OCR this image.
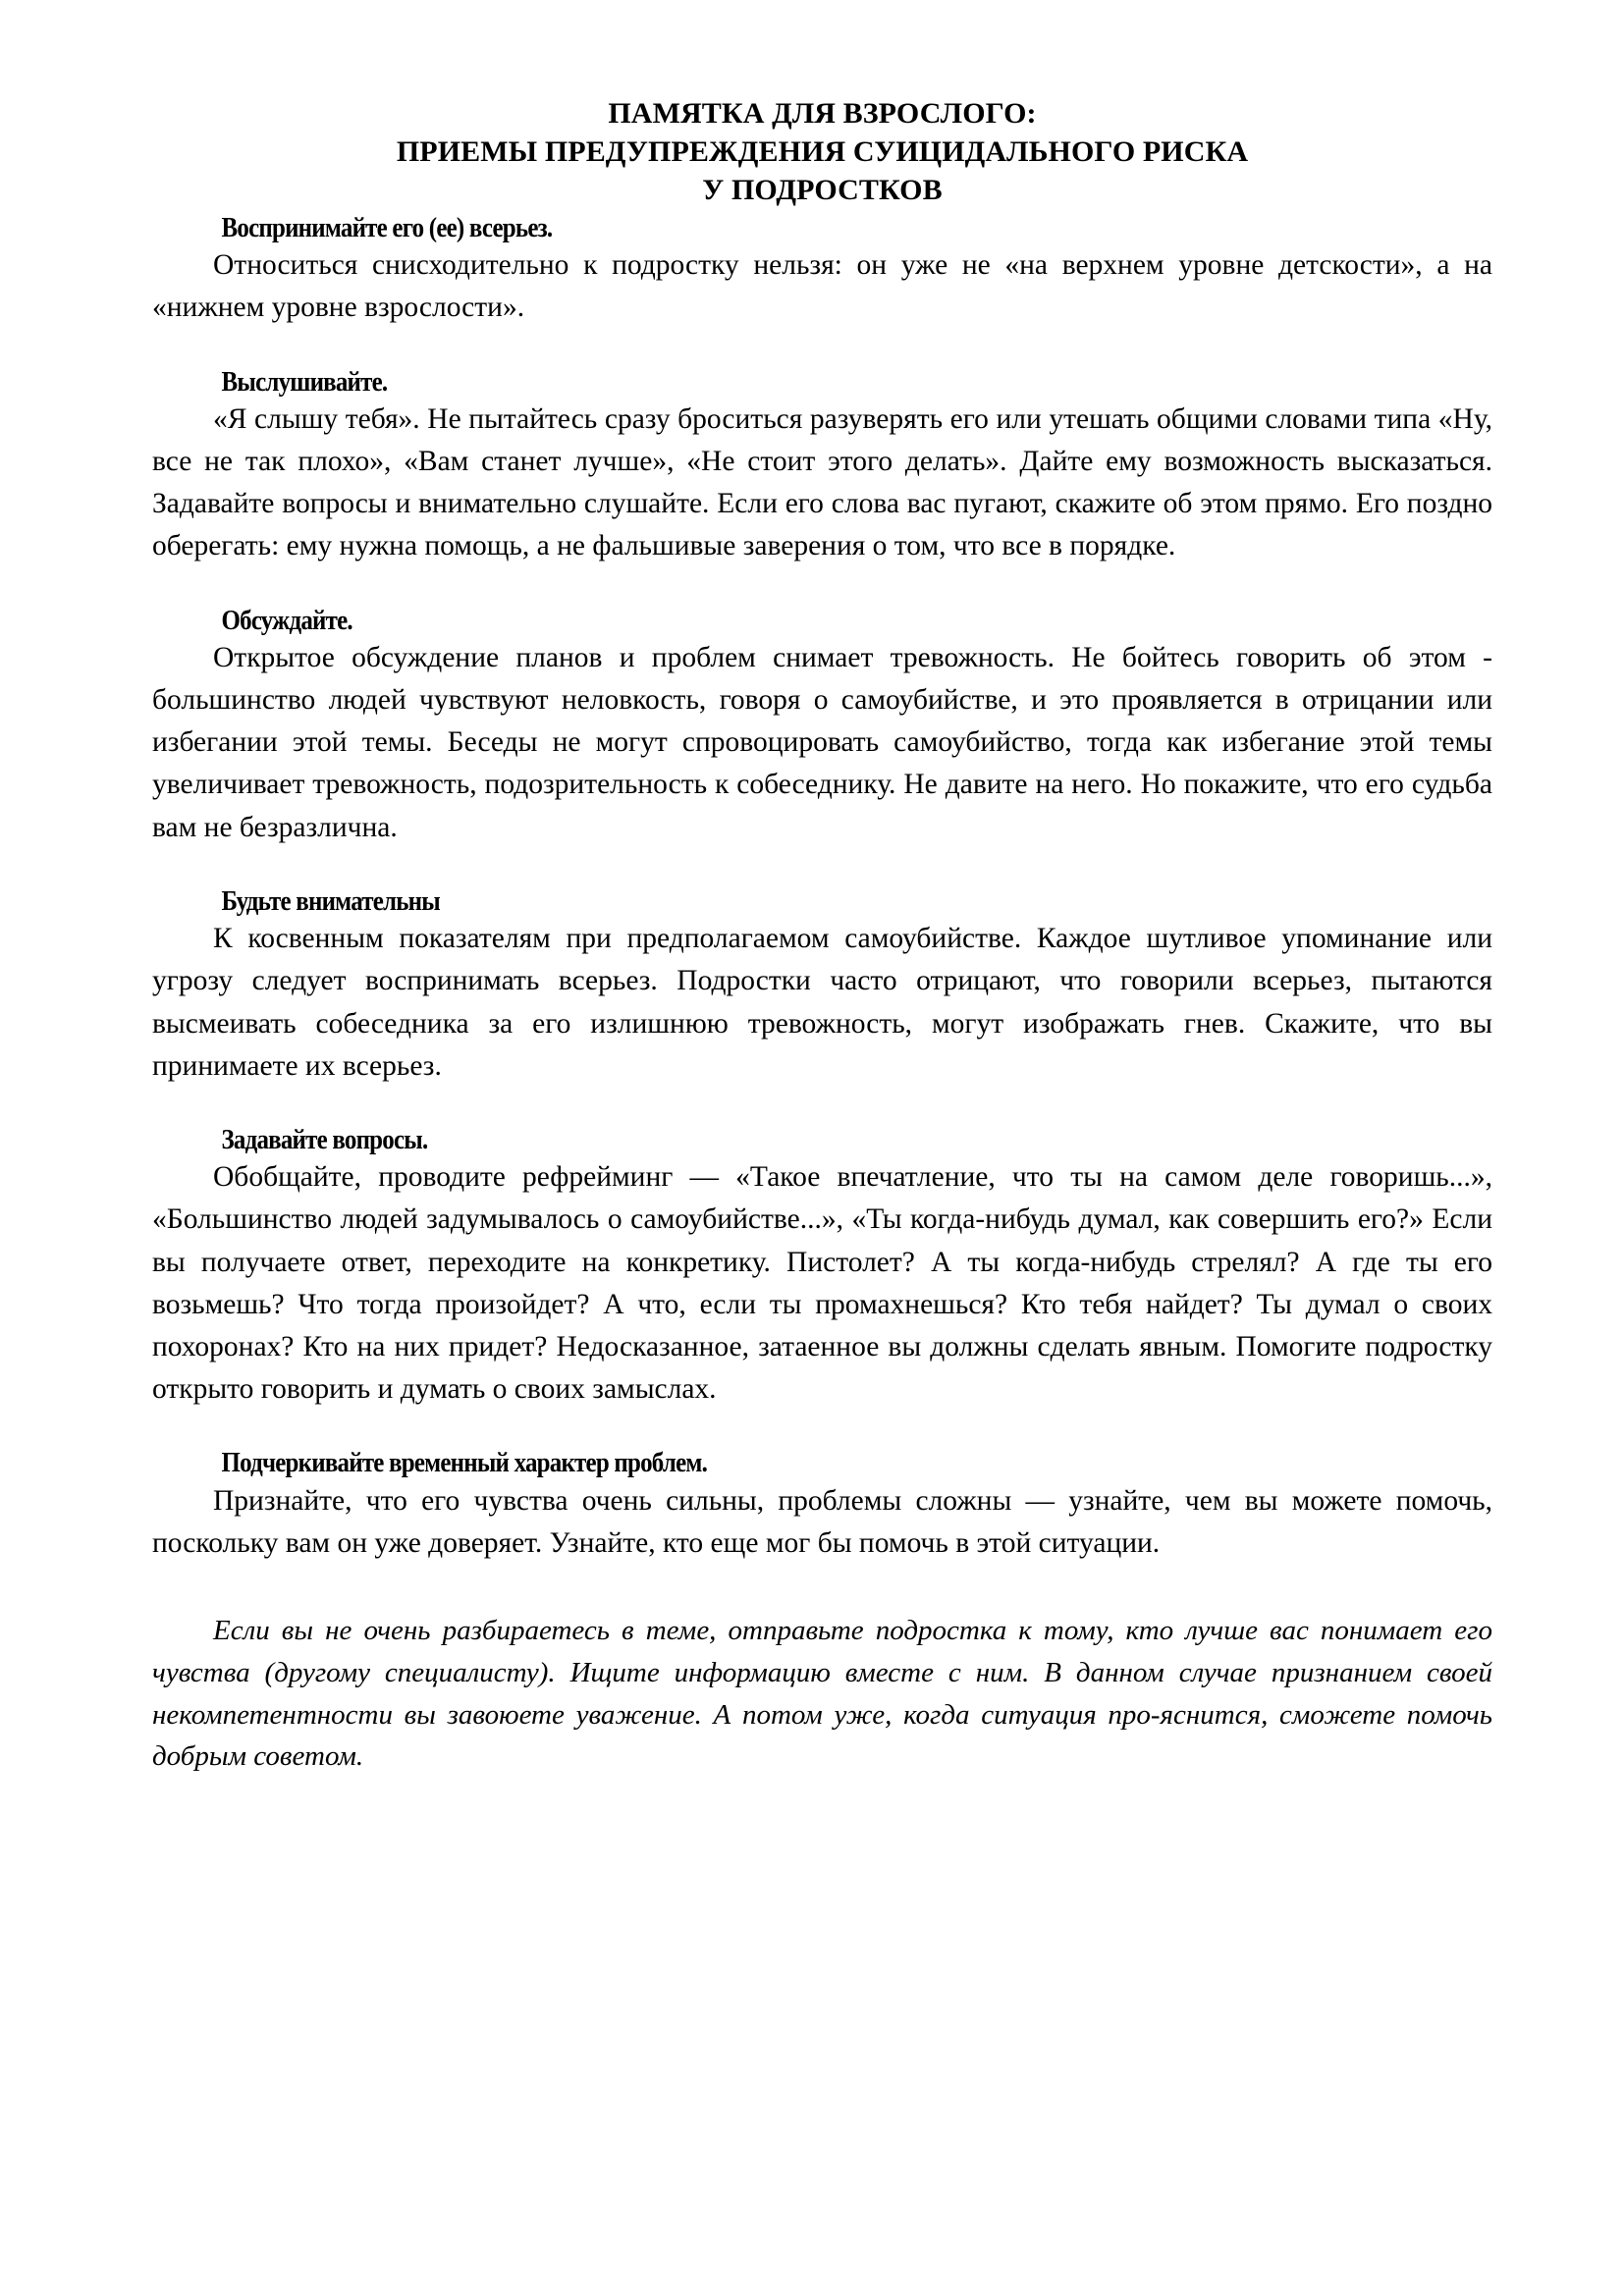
ПАМЯТКА ДЛЯ ВЗРОСЛОГО:
ПРИЕМЫ ПРЕДУПРЕЖДЕНИЯ СУИЦИДАЛЬНОГО РИСКА
У ПОДРОСТКОВ

Воспринимайте его (ее) всерьез.

Относиться снисходительно к подростку нельзя: он уже не «на верхнем уровне детскости», а на «нижнем уровне взрослости».

Выслушивайте.

«Я слышу тебя». Не пытайтесь сразу броситься разуверять его или утешать общими словами типа «Ну, все не так плохо», «Вам станет лучше», «Не стоит этого делать». Дайте ему возможность высказаться. Задавайте вопросы и внимательно слушайте. Если его слова вас пугают, скажите об этом прямо. Его поздно оберегать: ему нужна помощь, а не фальшивые заверения о том, что все в порядке.

Обсуждайте.

Открытое обсуждение планов и проблем снимает тревожность. Не бойтесь говорить об этом - большинство людей чувствуют неловкость, говоря о самоубийстве, и это проявляется в отрицании или избегании этой темы. Беседы не могут спровоцировать самоубийство, тогда как избегание этой темы увеличивает тревожность, подозрительность к собеседнику. Не давите на него. Но покажите, что его судьба вам не безразлична.

Будьте внимательны

К косвенным показателям при предполагаемом самоубийстве. Каждое шутливое упоминание или угрозу следует воспринимать всерьез. Подростки часто отрицают, что говорили всерьез, пытаются высмеивать собеседника за его излишнюю тревожность, могут изображать гнев. Скажите, что вы принимаете их всерьез.

Задавайте вопросы.

Обобщайте, проводите рефрейминг — «Такое впечатление, что ты на самом деле говоришь...», «Большинство людей задумывалось о самоубийстве...», «Ты когда-нибудь думал, как совершить его?» Если вы получаете ответ, переходите на конкретику. Пистолет? А ты когда-нибудь стрелял? А где ты его возьмешь? Что тогда произойдет? А что, если ты промахнешься? Кто тебя найдет? Ты думал о своих похоронах? Кто на них придет? Недосказанное, затаенное вы должны сделать явным. Помогите подростку открыто говорить и думать о своих замыслах.

Подчеркивайте временный характер проблем.

Признайте, что его чувства очень сильны, проблемы сложны — узнайте, чем вы можете помочь, поскольку вам он уже доверяет. Узнайте, кто еще мог бы помочь в этой ситуации.

Если вы не очень разбираетесь в теме, отправьте подростка к тому, кто лучше вас понимает его чувства (другому специалисту). Ищите информацию вместе с ним. В данном случае признанием своей некомпетентности вы завоюете уважение. А потом уже, когда ситуация про-яснится, сможете помочь добрым советом.
